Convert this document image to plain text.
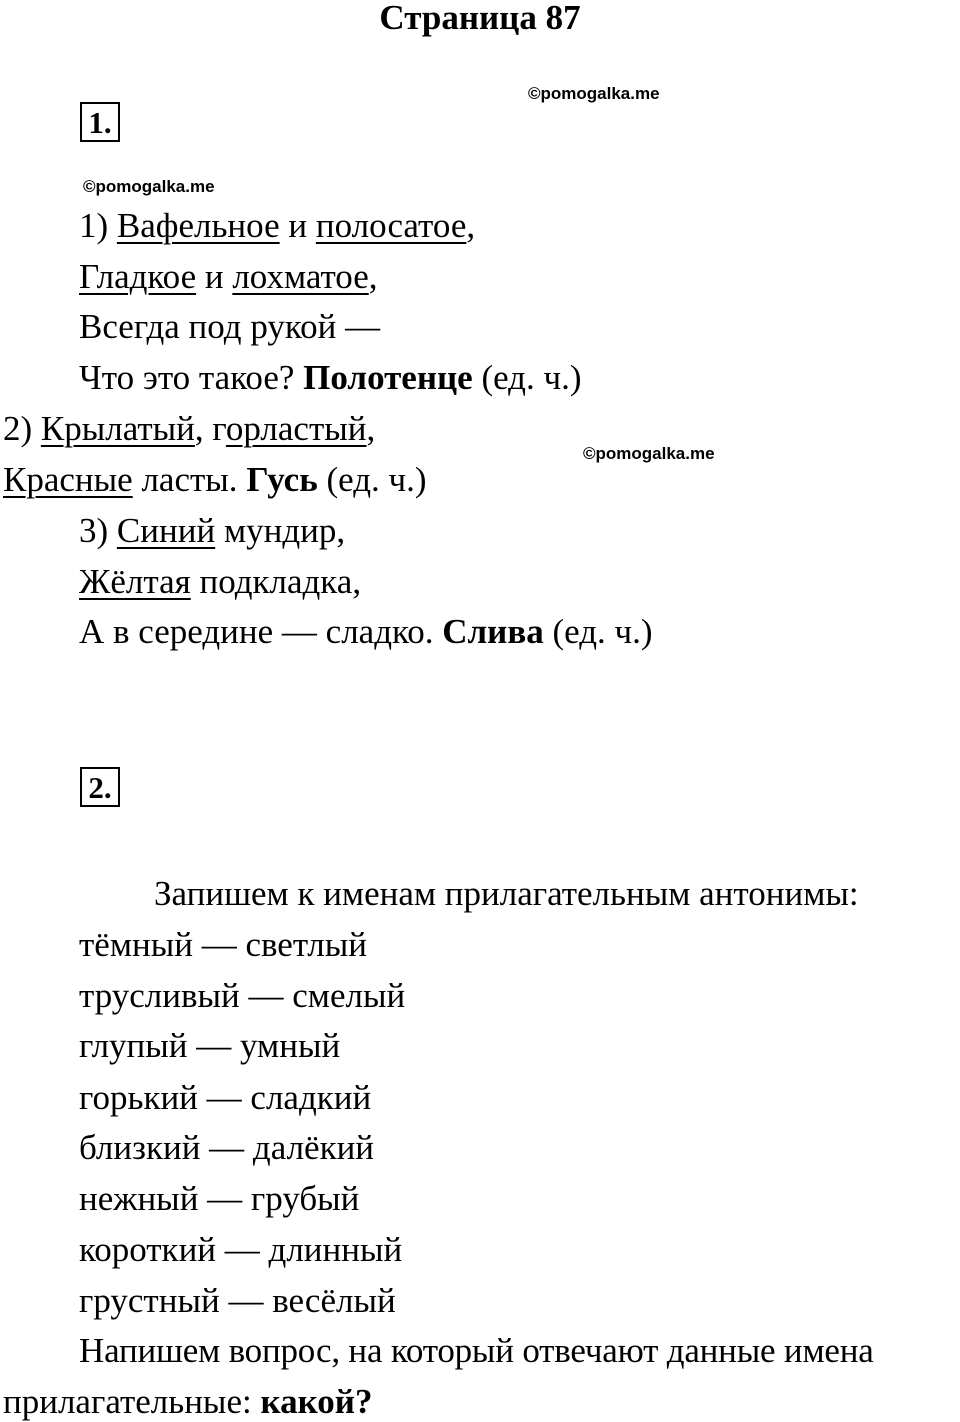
Страница 87
©pomogalka.me
1.
©pomogalka.me
1) Вафельное и полосатое,
Гладкое и лохматое,
Всегда под рукой —
Что это такое? Полотенце (ед. ч.)
2) Крылатый, горластый,
©pomogalka.me
Красные ласты. Гусь (ед. ч.)
3) Синий мундир,
Жёлтая подкладка,
А в середине — сладко. Слива (ед. ч.)
2.
Запишем к именам прилагательным антонимы:
тёмный — светлый
трусливый — смелый
глупый — умный
горький — сладкий
близкий — далёкий
нежный — грубый
короткий — длинный
грустный — весёлый
Напишем вопрос, на который отвечают данные имена
прилагательные: какой?
